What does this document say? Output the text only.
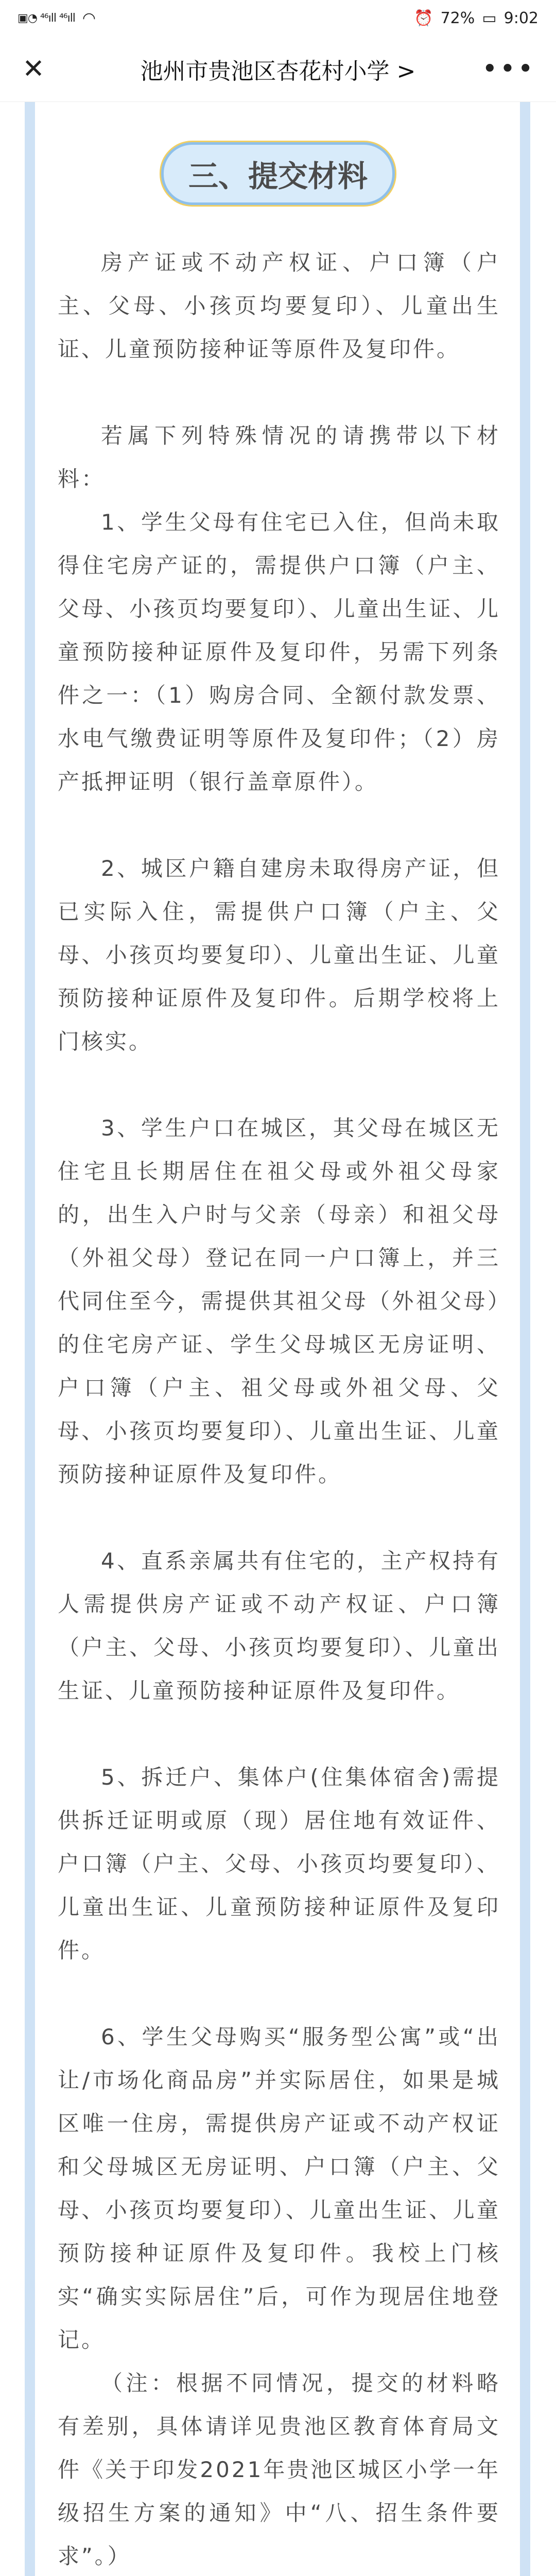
▣◔ ⁴⁶ıll ⁴⁶ıll ◠	⏰ 72% ▭ 9:02
✕	池州市贵池区杏花村小学 >	•••
三、提交材料

房产证或不动产权证、户口簿（户主、父母、小孩页均要复印）、儿童出生证、儿童预防接种证等原件及复印件。

若属下列特殊情况的请携带以下材料：

1、学生父母有住宅已入住，但尚未取得住宅房产证的，需提供户口簿（户主、父母、小孩页均要复印）、儿童出生证、儿童预防接种证原件及复印件，另需下列条件之一：（1）购房合同、全额付款发票、水电气缴费证明等原件及复印件；（2）房产抵押证明（银行盖章原件）。

2、城区户籍自建房未取得房产证，但已实际入住，需提供户口簿（户主、父母、小孩页均要复印）、儿童出生证、儿童预防接种证原件及复印件。后期学校将上门核实。

3、学生户口在城区，其父母在城区无住宅且长期居住在祖父母或外祖父母家的，出生入户时与父亲（母亲）和祖父母（外祖父母）登记在同一户口簿上，并三代同住至今，需提供其祖父母（外祖父母）的住宅房产证、学生父母城区无房证明、户口簿（户主、祖父母或外祖父母、父母、小孩页均要复印）、儿童出生证、儿童预防接种证原件及复印件。

4、直系亲属共有住宅的，主产权持有人需提供房产证或不动产权证、户口簿（户主、父母、小孩页均要复印）、儿童出生证、儿童预防接种证原件及复印件。

5、拆迁户、集体户(住集体宿舍)需提供拆迁证明或原（现）居住地有效证件、户口簿（户主、父母、小孩页均要复印）、儿童出生证、儿童预防接种证原件及复印件。

6、学生父母购买“服务型公寓”或“出让/市场化商品房”并实际居住，如果是城区唯一住房，需提供房产证或不动产权证和父母城区无房证明、户口簿（户主、父母、小孩页均要复印）、儿童出生证、儿童预防接种证原件及复印件。我校上门核实“确实实际居住”后，可作为现居住地登记。

（注：根据不同情况，提交的材料略有差别，具体请详见贵池区教育体育局文件《关于印发2021年贵池区城区小学一年级招生方案的通知》中“八、招生条件要求”。）
